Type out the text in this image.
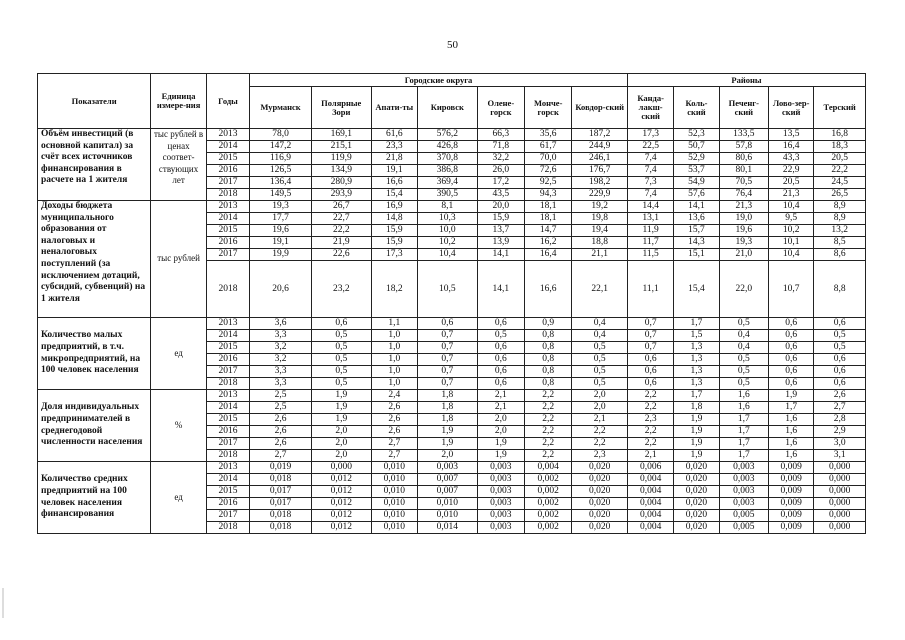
50
Показатели	Единица измере-ния	Годы	Городские округа							Районы				
			Мурманск	Полярные Зори	Апати-ты	Кировск	Олене-горск	Монче-горск	Ковдор-ский	Канда-лакш-ский	Коль-ский	Печенг-ский	Ловo-зер-ский	Терский
Объём инвестиций (в основной капитал) за счёт всех источников финансирования в расчете на 1 жителя	тыс рублей в ценах соответ-ствующих лет	2013	78,0	169,1	61,6	576,2	66,3	35,6	187,2	17,3	52,3	133,5	13,5	16,8
		2014	147,2	215,1	23,3	426,8	71,8	61,7	244,9	22,5	50,7	57,8	16,4	18,3
		2015	116,9	119,9	21,8	370,8	32,2	70,0	246,1	7,4	52,9	80,6	43,3	20,5
		2016	126,5	134,9	19,1	386,8	26,0	72,6	176,7	7,4	53,7	80,1	22,9	22,2
		2017	136,4	280,9	16,6	369,4	17,2	92,5	198,2	7,3	54,9	70,5	20,5	24,5
		2018	149,5	293,9	15,4	390,5	43,5	94,3	229,9	7,4	57,6	76,4	21,3	26,5
Доходы бюджета муниципального образования от налоговых и неналоговых поступлений (за исключением дотаций, субсидий, субвенций) на 1 жителя	тыс рублей	2013	19,3	26,7	16,9	8,1	20,0	18,1	19,2	14,4	14,1	21,3	10,4	8,9
		2014	17,7	22,7	14,8	10,3	15,9	18,1	19,8	13,1	13,6	19,0	9,5	8,9
		2015	19,6	22,2	15,9	10,0	13,7	14,7	19,4	11,9	15,7	19,6	10,2	13,2
		2016	19,1	21,9	15,9	10,2	13,9	16,2	18,8	11,7	14,3	19,3	10,1	8,5
		2017	19,9	22,6	17,3	10,4	14,1	16,4	21,1	11,5	15,1	21,0	10,4	8,6
		2018	20,6	23,2	18,2	10,5	14,1	16,6	22,1	11,1	15,4	22,0	10,7	8,8
Количество малых предприятий, в т.ч. микропредприятий, на 100 человек населения	ед	2013	3,6	0,6	1,1	0,6	0,6	0,9	0,4	0,7	1,7	0,5	0,6	0,6
		2014	3,3	0,5	1,0	0,7	0,5	0,8	0,4	0,7	1,5	0,4	0,6	0,5
		2015	3,2	0,5	1,0	0,7	0,6	0,8	0,5	0,7	1,3	0,4	0,6	0,5
		2016	3,2	0,5	1,0	0,7	0,6	0,8	0,5	0,6	1,3	0,5	0,6	0,6
		2017	3,3	0,5	1,0	0,7	0,6	0,8	0,5	0,6	1,3	0,5	0,6	0,6
		2018	3,3	0,5	1,0	0,7	0,6	0,8	0,5	0,6	1,3	0,5	0,6	0,6
Доля индивидуальных предпринимателей в среднегодовой численности населения	%	2013	2,5	1,9	2,4	1,8	2,1	2,2	2,0	2,2	1,7	1,6	1,9	2,6
		2014	2,5	1,9	2,6	1,8	2,1	2,2	2,0	2,2	1,8	1,6	1,7	2,7
		2015	2,6	1,9	2,6	1,8	2,0	2,2	2,1	2,3	1,9	1,7	1,6	2,8
		2016	2,6	2,0	2,6	1,9	2,0	2,2	2,2	2,2	1,9	1,7	1,6	2,9
		2017	2,6	2,0	2,7	1,9	1,9	2,2	2,2	2,2	1,9	1,7	1,6	3,0
		2018	2,7	2,0	2,7	2,0	1,9	2,2	2,3	2,1	1,9	1,7	1,6	3,1
Количество средних предприятий на 100 человек населения финансирования	ед	2013	0,019	0,000	0,010	0,003	0,003	0,004	0,020	0,006	0,020	0,003	0,009	0,000
		2014	0,018	0,012	0,010	0,007	0,003	0,002	0,020	0,004	0,020	0,003	0,009	0,000
		2015	0,017	0,012	0,010	0,007	0,003	0,002	0,020	0,004	0,020	0,003	0,009	0,000
		2016	0,017	0,012	0,010	0,010	0,003	0,002	0,020	0,004	0,020	0,003	0,009	0,000
		2017	0,018	0,012	0,010	0,010	0,003	0,002	0,020	0,004	0,020	0,005	0,009	0,000
		2018	0,018	0,012	0,010	0,014	0,003	0,002	0,020	0,004	0,020	0,005	0,009	0,000
